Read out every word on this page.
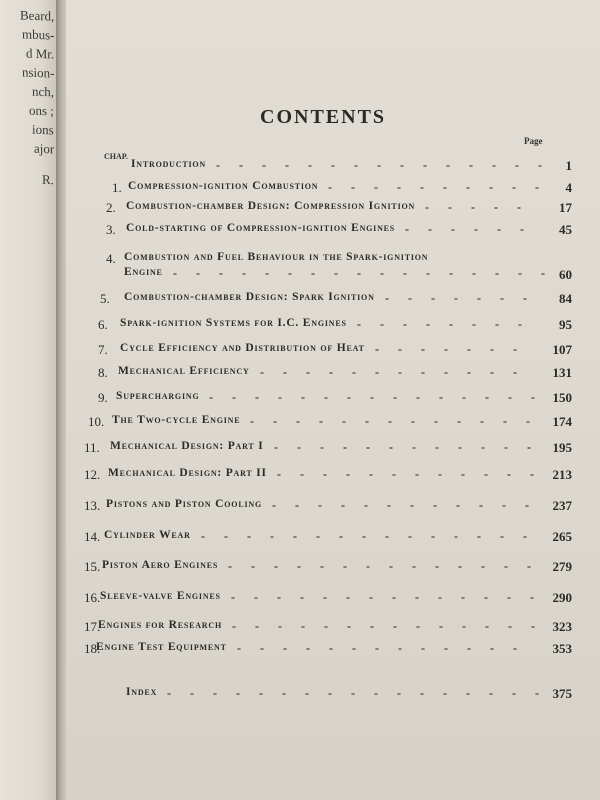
Beard,
mbus-
d Mr.
nsion-
nch,
ons ;
ions
ajor
R.
CONTENTS
CHAP.
Page
Introduction	1
- - - - - - - - - - - - - - -
1. Compression-ignition Combustion	4
- - - - - - - - - -
2. Combustion-chamber Design: Compression Ignition	17
- - - - -
3. Cold-starting of Compression-ignition Engines	45
- - - - - -
4. Combustion and Fuel Behaviour in the Spark-ignition
Engine	60
- - - - - - - - - - - - - - - - -
5. Combustion-chamber Design: Spark Ignition	84
- - - - - - -
6. Spark-ignition Systems for I.C. Engines	95
- - - - - - - -
7. Cycle Efficiency and Distribution of Heat	107
- - - - - - -
8. Mechanical Efficiency	131
- - - - - - - - - - - -
9. Supercharging	150
- - - - - - - - - - - - - - -
10. The Two-cycle Engine	174
- - - - - - - - - - - - -
11. Mechanical Design: Part I	195
- - - - - - - - - - - -
12. Mechanical Design: Part II	213
- - - - - - - - - - - -
13. Pistons and Piston Cooling	237
- - - - - - - - - - - -
14. Cylinder Wear	265
- - - - - - - - - - - - - - -
15. Piston Aero Engines	279
- - - - - - - - - - - - - -
16. Sleeve-valve Engines	290
- - - - - - - - - - - - - -
17.
Engines for Research	323
- - - - - - - - - - - - - -
18.
Engine Test Equipment	353
- - - - - - - - - - - - -
Index	375
- - - - - - - - - - - - - - - - -
